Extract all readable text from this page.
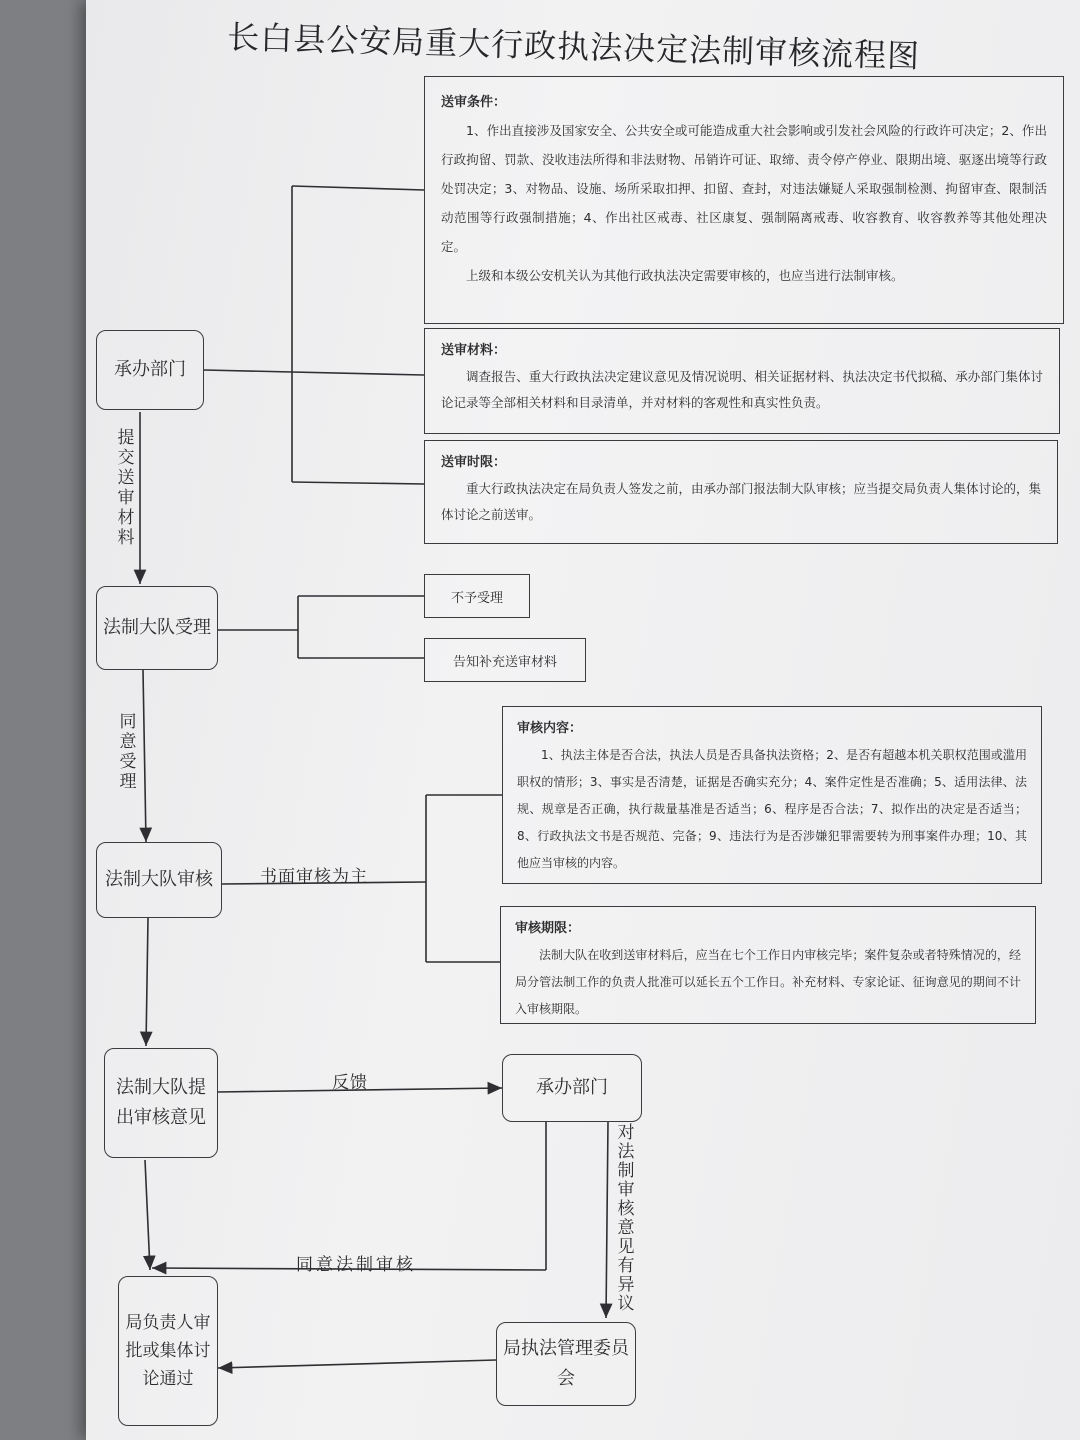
长白县公安局重大行政执法决定法制审核流程图
送审条件：
1、作出直接涉及国家安全、公共安全或可能造成重大社会影响或引发社会风险的行政许可决定；2、作出行政拘留、罚款、没收违法所得和非法财物、吊销许可证、取缔、责令停产停业、限期出境、驱逐出境等行政处罚决定；3、对物品、设施、场所采取扣押、扣留、查封，对违法嫌疑人采取强制检测、拘留审查、限制活动范围等行政强制措施；4、作出社区戒毒、社区康复、强制隔离戒毒、收容教育、收容教养等其他处理决定。
上级和本级公安机关认为其他行政执法决定需要审核的，也应当进行法制审核。
送审材料：
调查报告、重大行政执法决定建议意见及情况说明、相关证据材料、执法决定书代拟稿、承办部门集体讨论记录等全部相关材料和目录清单，并对材料的客观性和真实性负责。
送审时限：
重大行政执法决定在局负责人签发之前，由承办部门报法制大队审核；应当提交局负责人集体讨论的，集体讨论之前送审。
承办部门
提交送审材料
法制大队受理
不予受理
告知补充送审材料
同意受理
法制大队审核	书面审核为主
审核内容：
1、执法主体是否合法，执法人员是否具备执法资格；2、是否有超越本机关职权范围或滥用职权的情形；3、事实是否清楚，证据是否确实充分；4、案件定性是否准确；5、适用法律、法规、规章是否正确，执行裁量基准是否适当；6、程序是否合法；7、拟作出的决定是否适当；8、行政执法文书是否规范、完备；9、违法行为是否涉嫌犯罪需要转为刑事案件办理；10、其他应当审核的内容。
审核期限：
法制大队在收到送审材料后，应当在七个工作日内审核完毕；案件复杂或者特殊情况的，经局分管法制工作的负责人批准可以延长五个工作日。补充材料、专家论证、征询意见的期间不计入审核期限。
法制大队提出审核意见
反馈	承办部门
对法制审核意见有异议
同意法制审核
局负责人审批或集体讨论通过
局执法管理委员会
